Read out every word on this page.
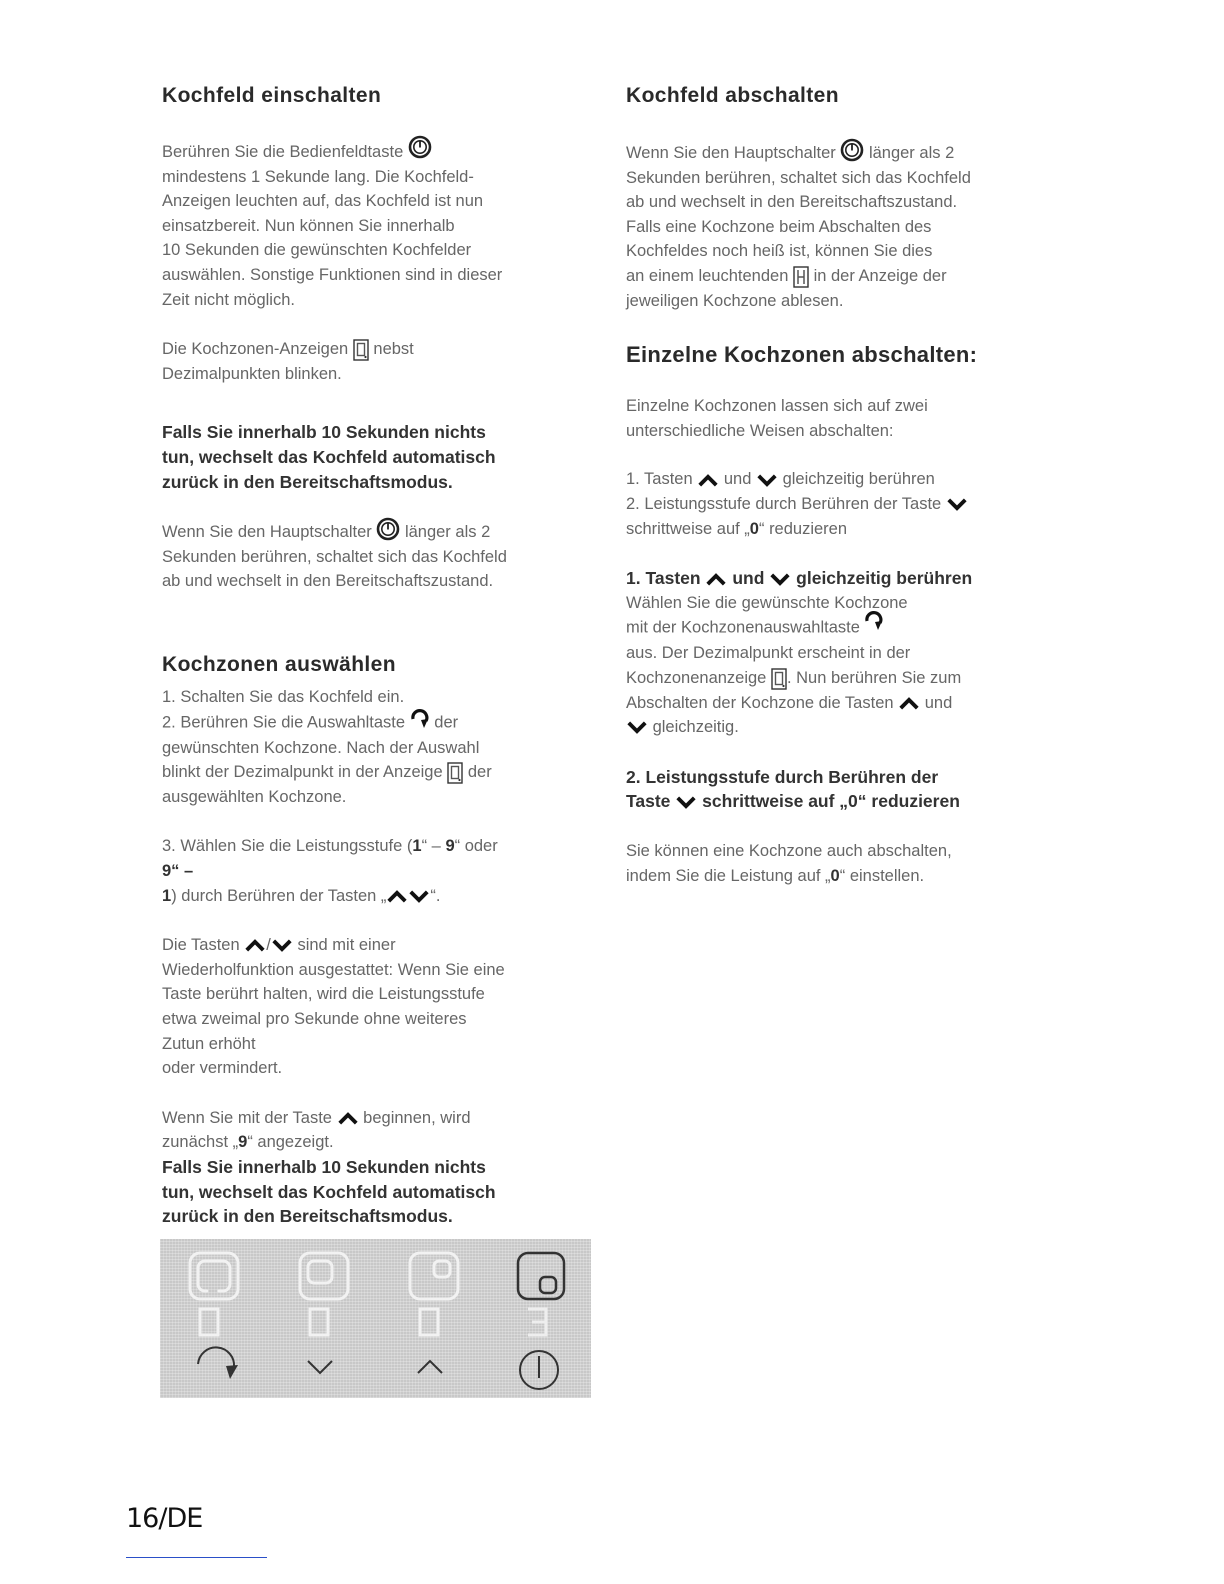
Kochfeld einschalten

Berühren Sie die Bedienfeldtaste

mindestens 1 Sekunde lang. Die Kochfeld-
Anzeigen leuchten auf, das Kochfeld ist nun
einsatzbereit. Nun können Sie innerhalb
10 Sekunden die gewünschten Kochfelder
auswählen. Sonstige Funktionen sind in dieser
Zeit nicht möglich.

Die Kochzonen-Anzeigen nebst
Dezimalpunkten blinken.

Falls Sie innerhalb 10 Sekunden nichts
tun, wechselt das Kochfeld automatisch
zurück in den Bereitschaftsmodus.

Wenn Sie den Hauptschalter länger als 2
Sekunden berühren, schaltet sich das Kochfeld
ab und wechselt in den Bereitschaftszustand.

Kochzonen auswählen

1. Schalten Sie das Kochfeld ein.
2. Berühren Sie die Auswahltaste der
gewünschten Kochzone. Nach der Auswahl
blinkt der Dezimalpunkt in der Anzeige der
ausgewählten Kochzone.

3. Wählen Sie die Leistungsstufe (1“ – 9“ oder
9“ –
1) durch Berühren der Tasten „	“.

Die Tasten / sind mit einer
Wiederholfunktion ausgestattet: Wenn Sie eine
Taste berührt halten, wird die Leistungsstufe
etwa zweimal pro Sekunde ohne weiteres
Zutun erhöht
oder vermindert.

Wenn Sie mit der Taste beginnen, wird
zunächst „9“ angezeigt.

Falls Sie innerhalb 10 Sekunden nichts
tun, wechselt das Kochfeld automatisch
zurück in den Bereitschaftsmodus.

Kochfeld abschalten

Wenn Sie den Hauptschalter länger als 2
Sekunden berühren, schaltet sich das Kochfeld
ab und wechselt in den Bereitschaftszustand.
Falls eine Kochzone beim Abschalten des
Kochfeldes noch heiß ist, können Sie dies
an einem leuchtenden in der Anzeige der
jeweiligen Kochzone ablesen.

Einzelne Kochzonen abschalten:

Einzelne Kochzonen lassen sich auf zwei
unterschiedliche Weisen abschalten:

1. Tasten und gleichzeitig berühren
2. Leistungsstufe durch Berühren der Taste

schrittweise auf „0“ reduzieren

1. Tasten und gleichzeitig berühren

Wählen Sie die gewünschte Kochzone
mit der Kochzonenauswahltaste

aus. Der Dezimalpunkt erscheint in der
Kochzonenanzeige . Nun berühren Sie zum
Abschalten der Kochzone die Tasten und

gleichzeitig.

2. Leistungsstufe durch Berühren der
Taste schrittweise auf „0“ reduzieren

Sie können eine Kochzone auch abschalten,
indem Sie die Leistung auf „0“ einstellen.

16/DE
